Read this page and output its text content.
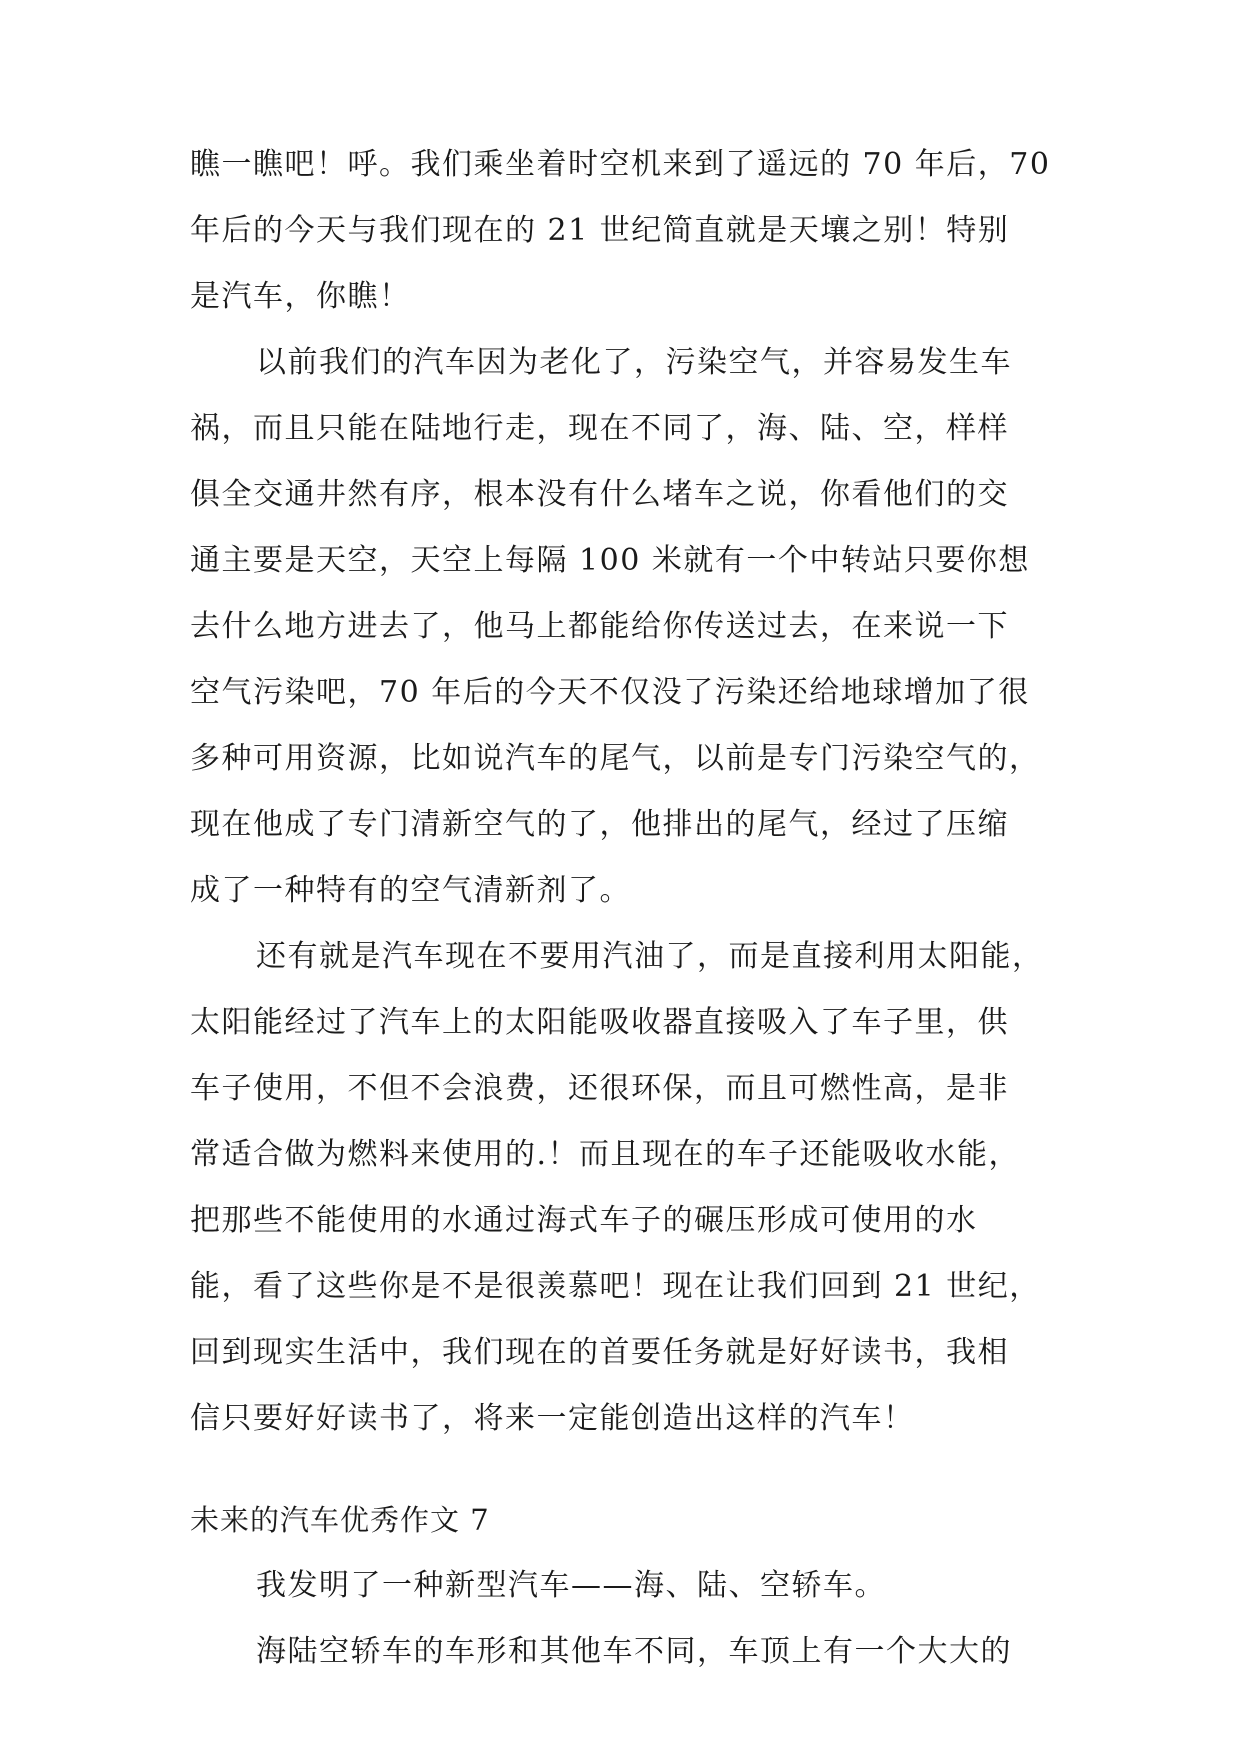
瞧一瞧吧！呼。我们乘坐着时空机来到了遥远的 70 年后，70
年后的今天与我们现在的 21 世纪简直就是天壤之别！特别
是汽车，你瞧！
以前我们的汽车因为老化了，污染空气，并容易发生车
祸，而且只能在陆地行走，现在不同了，海、陆、空，样样
俱全交通井然有序，根本没有什么堵车之说，你看他们的交
通主要是天空，天空上每隔 100 米就有一个中转站只要你想
去什么地方进去了，他马上都能给你传送过去，在来说一下
空气污染吧，70 年后的今天不仅没了污染还给地球增加了很
多种可用资源，比如说汽车的尾气，以前是专门污染空气的，
现在他成了专门清新空气的了，他排出的尾气，经过了压缩
成了一种特有的空气清新剂了。
还有就是汽车现在不要用汽油了，而是直接利用太阳能，
太阳能经过了汽车上的太阳能吸收器直接吸入了车子里，供
车子使用，不但不会浪费，还很环保，而且可燃性高，是非
常适合做为燃料来使用的.！而且现在的车子还能吸收水能，
把那些不能使用的水通过海式车子的碾压形成可使用的水
能，看了这些你是不是很羡慕吧！现在让我们回到 21 世纪，
回到现实生活中，我们现在的首要任务就是好好读书，我相
信只要好好读书了，将来一定能创造出这样的汽车！
未来的汽车优秀作文 7
我发明了一种新型汽车——海、陆、空轿车。
海陆空轿车的车形和其他车不同，车顶上有一个大大的
